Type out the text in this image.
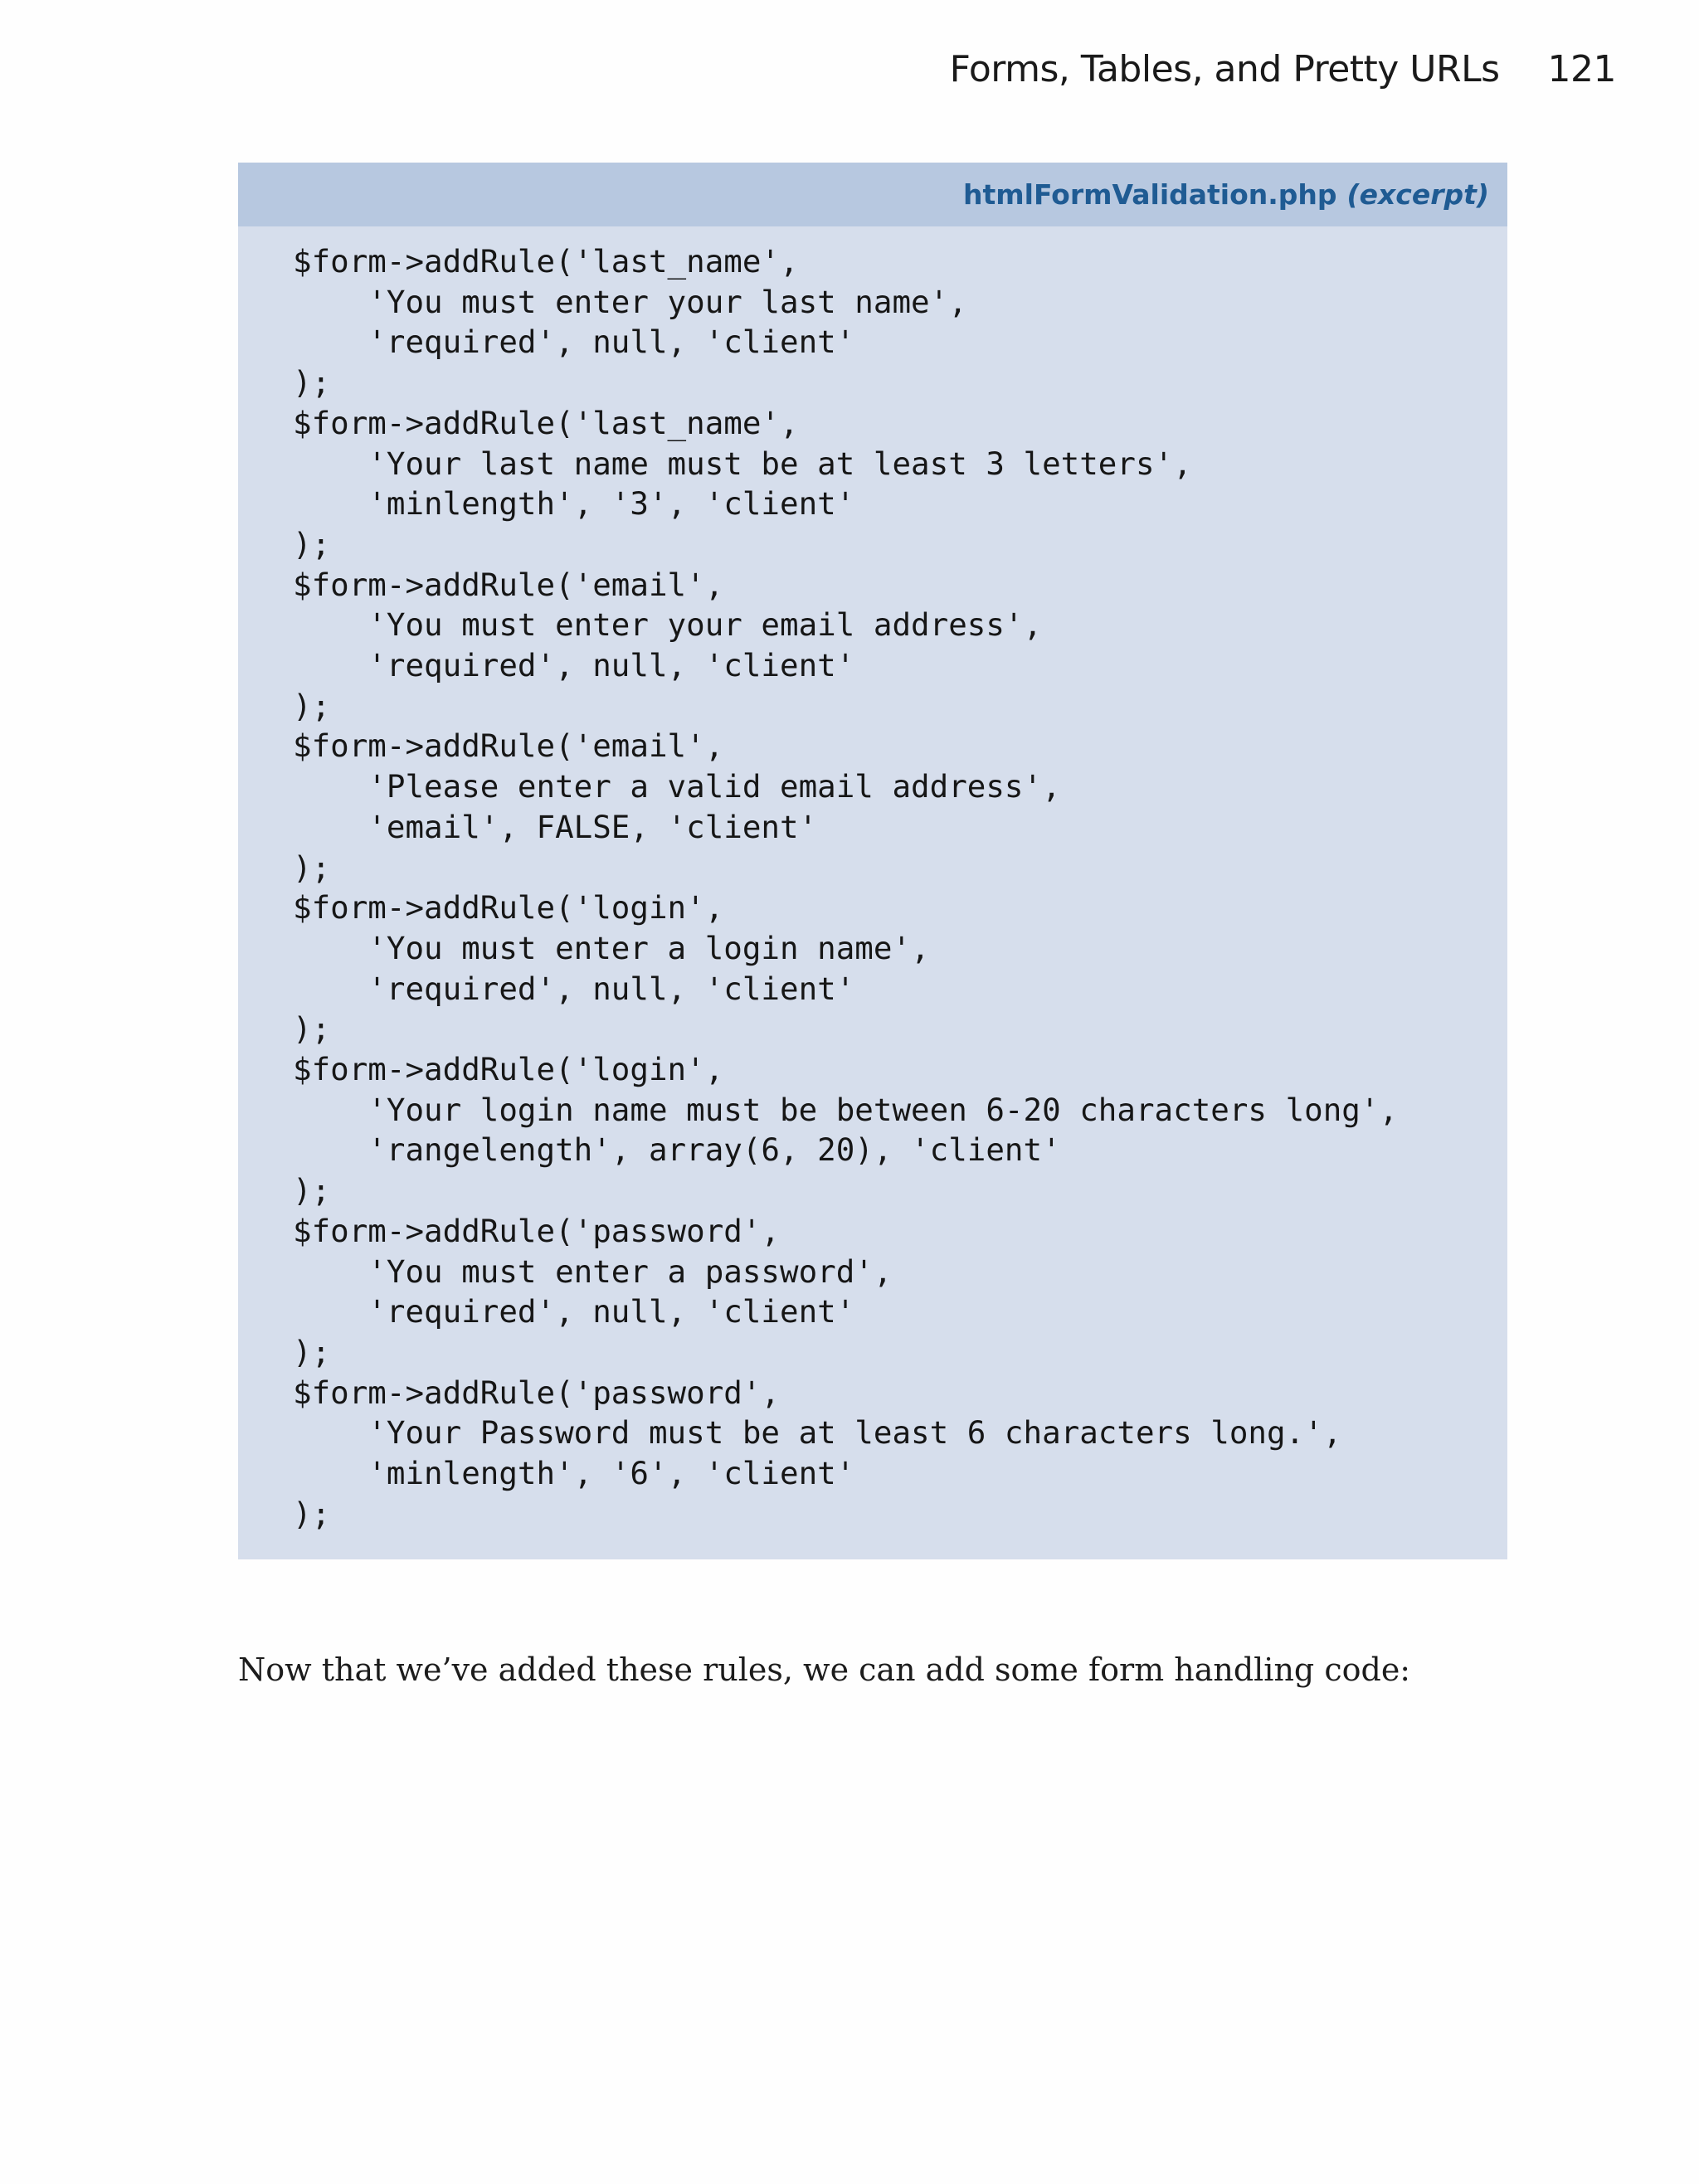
Forms, Tables, and Pretty URLs 121
htmlFormValidation.php (excerpt)
$form->addRule('last_name',
'You must enter your last name',
'required', null, 'client'
);
$form->addRule('last_name',
'Your last name must be at least 3 letters',
'minlength', '3', 'client'
);
$form->addRule('email',
'You must enter your email address',
'required', null, 'client'
);
$form->addRule('email',
'Please enter a valid email address',
'email', FALSE, 'client'
);
$form->addRule('login',
'You must enter a login name',
'required', null, 'client'
);
$form->addRule('login',
'Your login name must be between 6-20 characters long',
'rangelength', array(6, 20), 'client'
);
$form->addRule('password',
'You must enter a password',
'required', null, 'client'
);
$form->addRule('password',
'Your Password must be at least 6 characters long.',
'minlength', '6', 'client'
);

Now that we’ve added these rules, we can add some form handling code:
